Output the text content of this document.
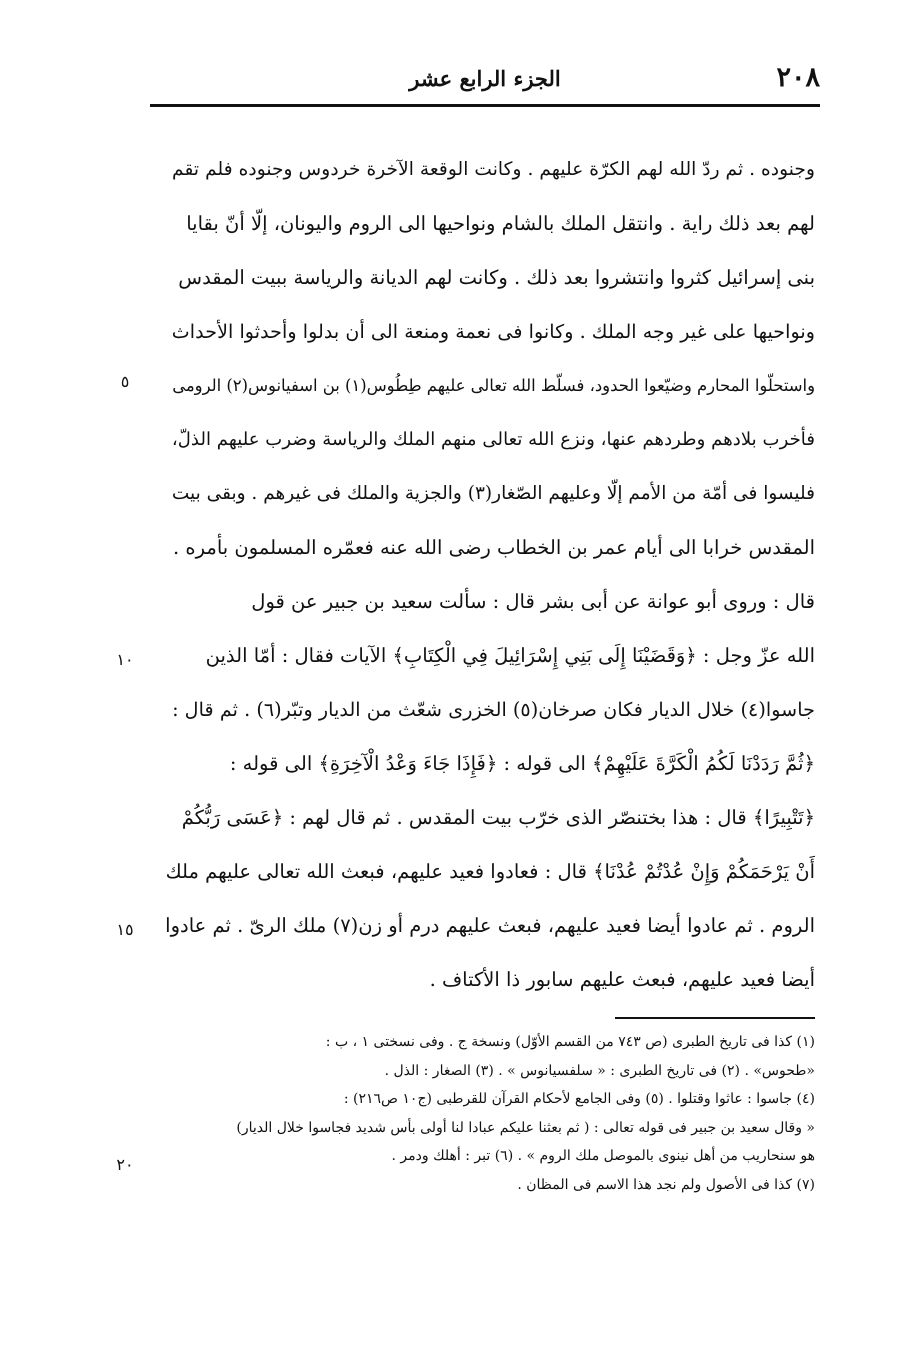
٢٠٨
الجزء الرابع عشر
وجنوده . ثم ردّ الله لهم الكرّة عليهم . وكانت الوقعة الآخرة خردوس وجنوده فلم تقم
لهم بعد ذلك راية . وانتقل الملك بالشام ونواحيها الى الروم واليونان، إلّا أنّ بقايا
بنى إسرائيل كثروا وانتشروا بعد ذلك . وكانت لهم الديانة والرياسة ببيت المقدس
ونواحيها على غير وجه الملك . وكانوا فى نعمة ومنعة الى أن بدلوا وأحدثوا الأحداث
واستحلّوا المحارم وضيّعوا الحدود، فسلّط الله تعالى عليهم طِطُوس(١) بن اسفيانوس(٢) الرومى
فأخرب بلادهم وطردهم عنها، ونزع الله تعالى منهم الملك والرياسة وضرب عليهم الذلّ،
فليسوا فى أمّة من الأمم إلّا وعليهم الصّغار(٣) والجزية والملك فى غيرهم . وبقى بيت
المقدس خرابا الى أيام عمر بن الخطاب رضى الله عنه فعمّره المسلمون بأمره .
قال : وروى أبو عوانة عن أبى بشر قال : سألت سعيد بن جبير عن قول
الله عزّ وجل : ﴿وَقَضَيْنَا إِلَى بَنِي إِسْرَائِيلَ فِي الْكِتَابِ﴾ الآيات فقال : أمّا الذين
جاسوا(٤) خلال الديار فكان صرخان(٥) الخزرى شعّث من الديار وتبّر(٦) . ثم قال :
﴿ثُمَّ رَدَدْنَا لَكُمُ الْكَرَّةَ عَلَيْهِمْ﴾ الى قوله : ﴿فَإِذَا جَاءَ وَعْدُ الْآخِرَةِ﴾ الى قوله :
﴿تَتْبِيرًا﴾ قال : هذا بختنصّر الذى خرّب بيت المقدس . ثم قال لهم : ﴿عَسَى رَبُّكُمْ
أَنْ يَرْحَمَكُمْ وَإِنْ عُدْتُمْ عُدْنَا﴾ قال : فعادوا فعيد عليهم، فبعث الله تعالى عليهم ملك
الروم . ثم عادوا أيضا فعيد عليهم، فبعث عليهم درم أو زن(٧) ملك الرىّ . ثم عادوا
أيضا فعيد عليهم، فبعث عليهم سابور ذا الأكتاف .
٥
١٠
١٥
٢٠
(١) كذا فى تاريخ الطبرى (ص ٧٤٣ من القسم الأوّل) ونسخة ج . وفى نسختى ١ ، ب :
«طحوس» . (٢) فى تاريخ الطبرى : « سلفسيانوس » . (٣) الصغار : الذل .
(٤) جاسوا : عاثوا وقتلوا . (٥) وفى الجامع لأحكام القرآن للقرطبى (ج١٠ ص٢١٦) :
« وقال سعيد بن جبير فى قوله تعالى : ( ثم بعثنا عليكم عبادا لنا أولى بأس شديد فجاسوا خلال الديار)
هو سنحاريب من أهل نينوى بالموصل ملك الروم » . (٦) تبر : أهلك ودمر .
(٧) كذا فى الأصول ولم نجد هذا الاسم فى المظان .
